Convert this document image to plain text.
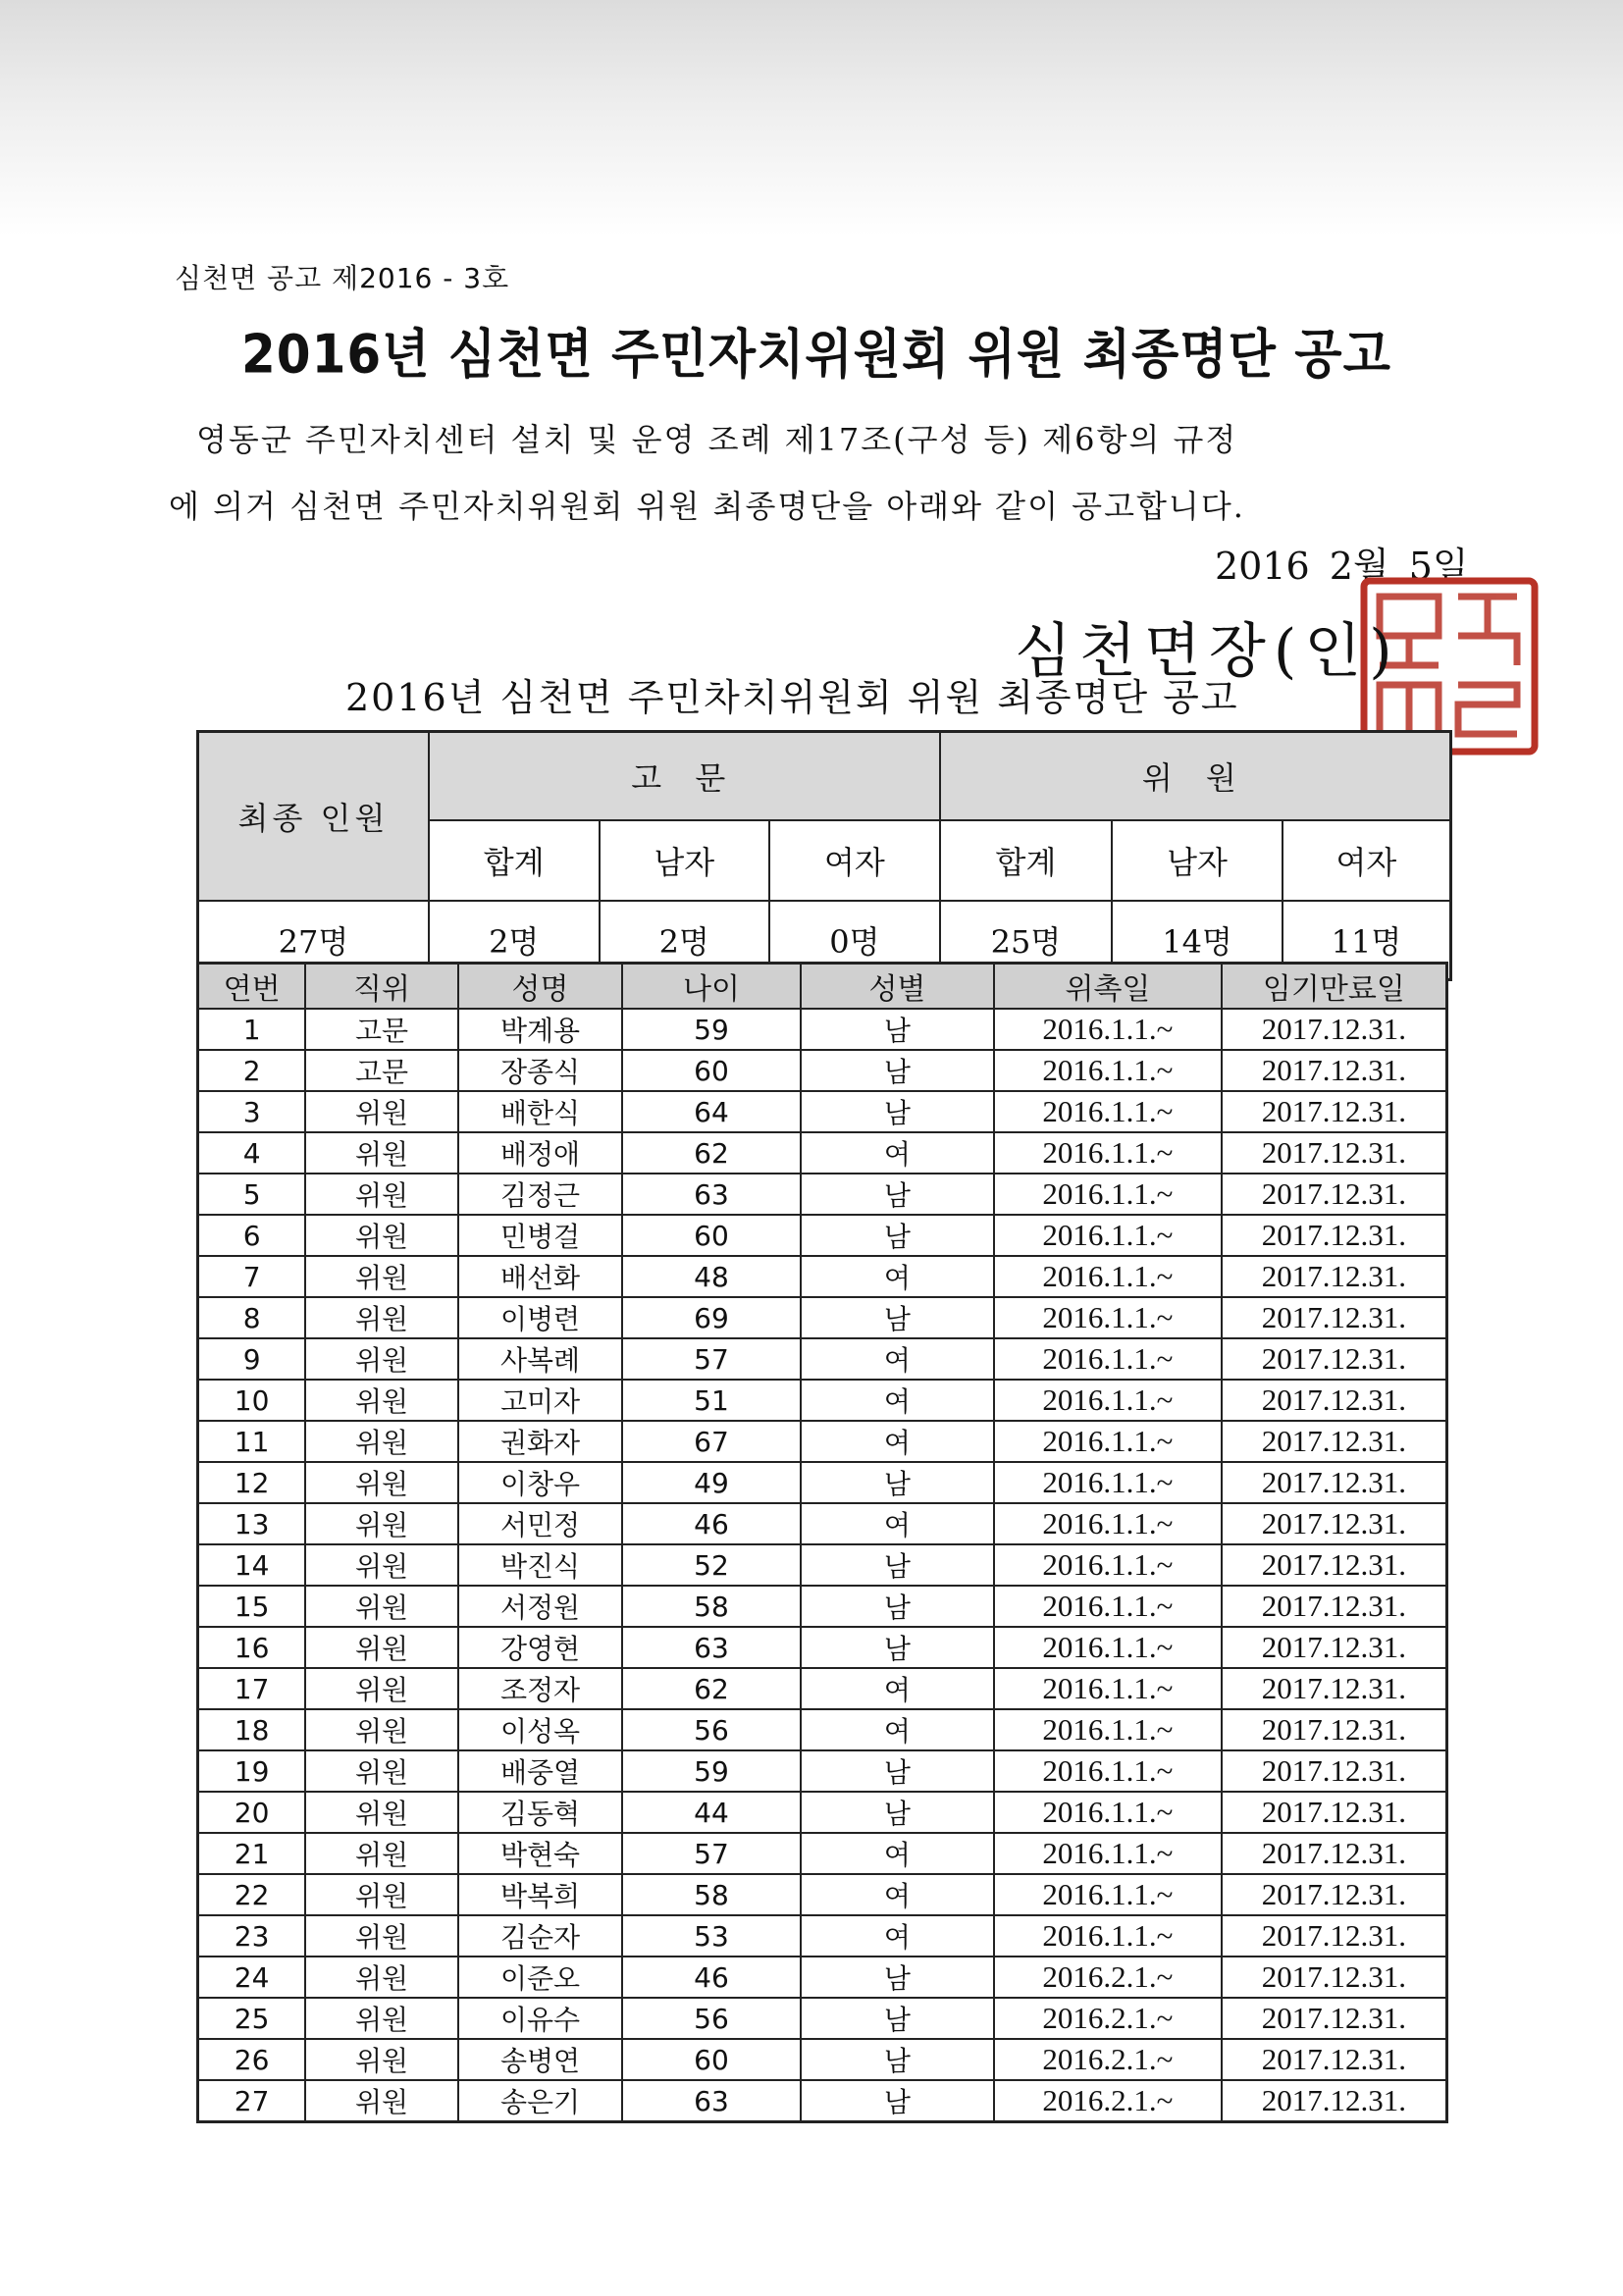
심천면 공고 제2016 - 3호
2016년 심천면 주민자치위원회 위원 최종명단 공고

영동군 주민자치센터 설치 및 운영 조례 제17조(구성 등) 제6항의 규정

에 의거 심천면 주민자치위원회 위원 최종명단을 아래와 같이 공고합니다.

2016 2월 5일
심천면장(인)
2016년 심천면 주민차치위원회 위원 최종명단 공고
최종 인원	고 문			위 원		
	합계	남자	여자	합계	남자	여자
27명	2명	2명	0명	25명	14명	11명
연번	직위	성명	나이	성별	위촉일	임기만료일
1	고문	박계용	59	남	2016.1.1.~	2017.12.31.
2	고문	장종식	60	남	2016.1.1.~	2017.12.31.
3	위원	배한식	64	남	2016.1.1.~	2017.12.31.
4	위원	배정애	62	여	2016.1.1.~	2017.12.31.
5	위원	김정근	63	남	2016.1.1.~	2017.12.31.
6	위원	민병걸	60	남	2016.1.1.~	2017.12.31.
7	위원	배선화	48	여	2016.1.1.~	2017.12.31.
8	위원	이병련	69	남	2016.1.1.~	2017.12.31.
9	위원	사복례	57	여	2016.1.1.~	2017.12.31.
10	위원	고미자	51	여	2016.1.1.~	2017.12.31.
11	위원	권화자	67	여	2016.1.1.~	2017.12.31.
12	위원	이창우	49	남	2016.1.1.~	2017.12.31.
13	위원	서민정	46	여	2016.1.1.~	2017.12.31.
14	위원	박진식	52	남	2016.1.1.~	2017.12.31.
15	위원	서정원	58	남	2016.1.1.~	2017.12.31.
16	위원	강영현	63	남	2016.1.1.~	2017.12.31.
17	위원	조정자	62	여	2016.1.1.~	2017.12.31.
18	위원	이성옥	56	여	2016.1.1.~	2017.12.31.
19	위원	배중열	59	남	2016.1.1.~	2017.12.31.
20	위원	김동혁	44	남	2016.1.1.~	2017.12.31.
21	위원	박현숙	57	여	2016.1.1.~	2017.12.31.
22	위원	박복희	58	여	2016.1.1.~	2017.12.31.
23	위원	김순자	53	여	2016.1.1.~	2017.12.31.
24	위원	이준오	46	남	2016.2.1.~	2017.12.31.
25	위원	이유수	56	남	2016.2.1.~	2017.12.31.
26	위원	송병연	60	남	2016.2.1.~	2017.12.31.
27	위원	송은기	63	남	2016.2.1.~	2017.12.31.
